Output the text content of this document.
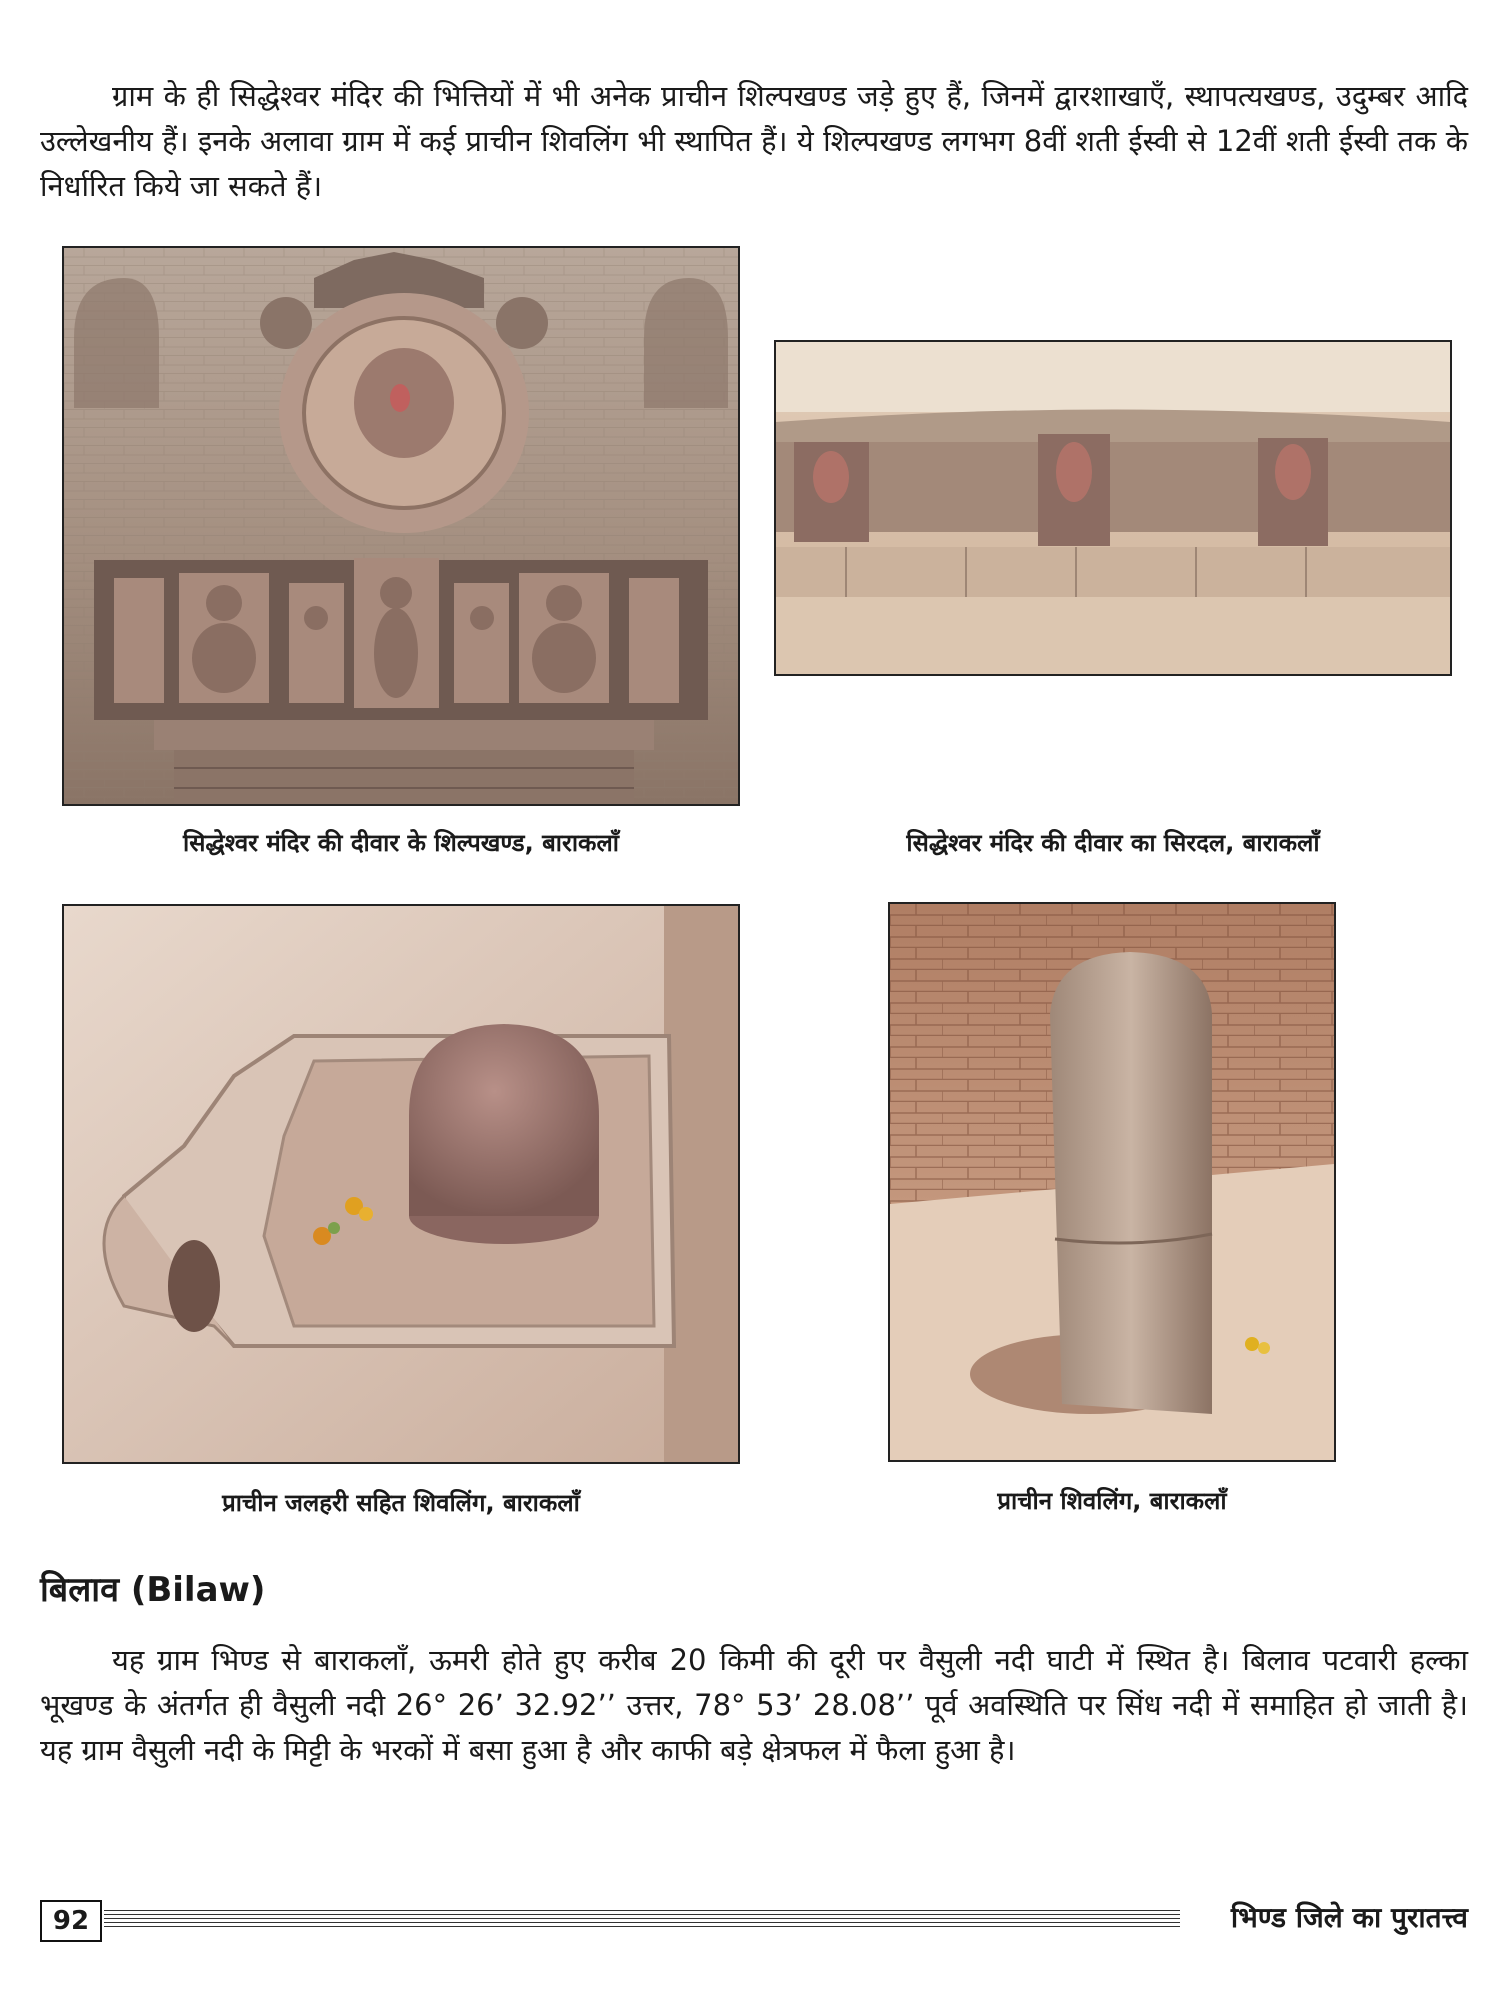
ग्राम के ही सिद्धेश्वर मंदिर की भित्तियों में भी अनेक प्राचीन शिल्पखण्ड जड़े हुए हैं, जिनमें द्वारशाखाएँ, स्थापत्यखण्ड, उदुम्बर आदि उल्लेखनीय हैं। इनके अलावा ग्राम में कई प्राचीन शिवलिंग भी स्थापित हैं। ये शिल्पखण्ड लगभग 8वीं शती ईस्वी से 12वीं शती ईस्वी तक के निर्धारित किये जा सकते हैं।

सिद्धेश्वर मंदिर की दीवार के शिल्पखण्ड, बाराकलाँ	सिद्धेश्वर मंदिर की दीवार का सिरदल, बाराकलाँ
प्राचीन जलहरी सहित शिवलिंग, बाराकलाँ	प्राचीन शिवलिंग, बाराकलाँ
बिलाव (Bilaw)

यह ग्राम भिण्ड से बाराकलाँ, ऊमरी होते हुए करीब 20 किमी की दूरी पर वैसुली नदी घाटी में स्थित है। बिलाव पटवारी हल्का भूखण्ड के अंतर्गत ही वैसुली नदी 26° 26’ 32.92’’ उत्तर, 78° 53’ 28.08’’ पूर्व अवस्थिति पर सिंध नदी में समाहित हो जाती है। यह ग्राम वैसुली नदी के मिट्टी के भरकों में बसा हुआ है और काफी बड़े क्षेत्रफल में फैला हुआ है।

92	भिण्ड जिले का पुरातत्त्व
